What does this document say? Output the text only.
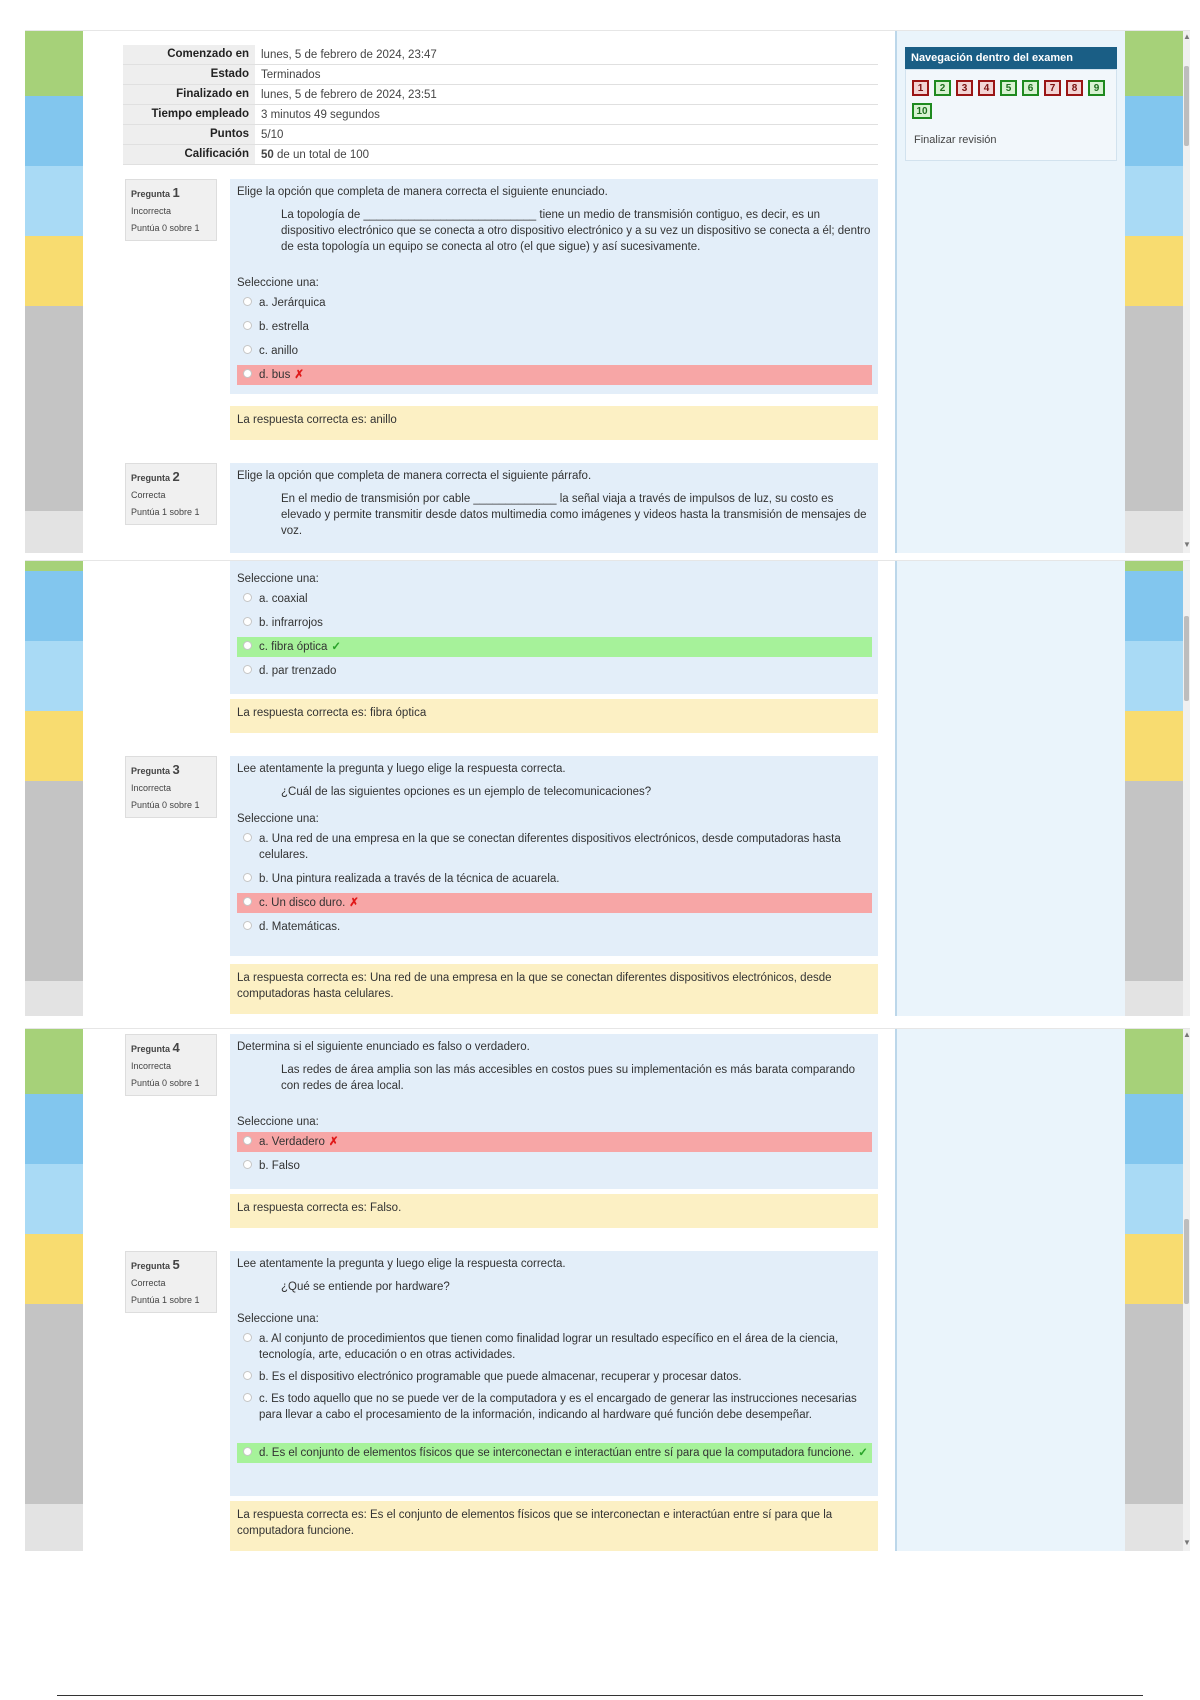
Comenzado en	lunes, 5 de febrero de 2024, 23:47
Estado	Terminados
Finalizado en	lunes, 5 de febrero de 2024, 23:51
Tiempo empleado	3 minutos 49 segundos
Puntos	5/10
Calificación	50 de un total de 100
Pregunta 1
Incorrecta
Puntúa 0 sobre 1
Elige la opción que completa de manera correcta el siguiente enunciado.
La topología de ___________________________ tiene un medio de transmisión contiguo, es decir, es un dispositivo electrónico que se conecta a otro dispositivo electrónico y a su vez un dispositivo se conecta a él; dentro de esta topología un equipo se conecta al otro (el que sigue) y así sucesivamente.
Seleccione una:
a. Jerárquica
b. estrella
c. anillo
d. bus ✗
La respuesta correcta es: anillo
Pregunta 2
Correcta
Puntúa 1 sobre 1
Elige la opción que completa de manera correcta el siguiente párrafo.
En el medio de transmisión por cable _____________ la señal viaja a través de impulsos de luz, su costo es elevado y permite transmitir desde datos multimedia como imágenes y videos hasta la transmisión de mensajes de voz.
Navegación dentro del examen
1	2	3	4	5	6	7	8	9
10
Finalizar revisión
▲
▼
Seleccione una:
a. coaxial
b. infrarrojos
c. fibra óptica ✓
d. par trenzado
La respuesta correcta es: fibra óptica
Pregunta 3
Incorrecta
Puntúa 0 sobre 1
Lee atentamente la pregunta y luego elige la respuesta correcta.
¿Cuál de las siguientes opciones es un ejemplo de telecomunicaciones?
Seleccione una:
a. Una red de una empresa en la que se conectan diferentes dispositivos electrónicos, desde computadoras hasta celulares.
b. Una pintura realizada a través de la técnica de acuarela.
c. Un disco duro. ✗
d. Matemáticas.
La respuesta correcta es: Una red de una empresa en la que se conectan diferentes dispositivos electrónicos, desde computadoras hasta celulares.
Pregunta 4
Incorrecta
Puntúa 0 sobre 1
Determina si el siguiente enunciado es falso o verdadero.
Las redes de área amplia son las más accesibles en costos pues su implementación es más barata comparando con redes de área local.
Seleccione una:
a. Verdadero ✗
b. Falso
La respuesta correcta es: Falso.
Pregunta 5
Correcta
Puntúa 1 sobre 1
Lee atentamente la pregunta y luego elige la respuesta correcta.
¿Qué se entiende por hardware?
Seleccione una:
a. Al conjunto de procedimientos que tienen como finalidad lograr un resultado específico en el área de la ciencia, tecnología, arte, educación o en otras actividades.
b. Es el dispositivo electrónico programable que puede almacenar, recuperar y procesar datos.
c. Es todo aquello que no se puede ver de la computadora y es el encargado de generar las instrucciones necesarias para llevar a cabo el procesamiento de la información, indicando al hardware qué función debe desempeñar.
d. Es el conjunto de elementos físicos que se interconectan e interactúan entre sí para que la computadora funcione. ✓
La respuesta correcta es: Es el conjunto de elementos físicos que se interconectan e interactúan entre sí para que la computadora funcione.
▲
▼
